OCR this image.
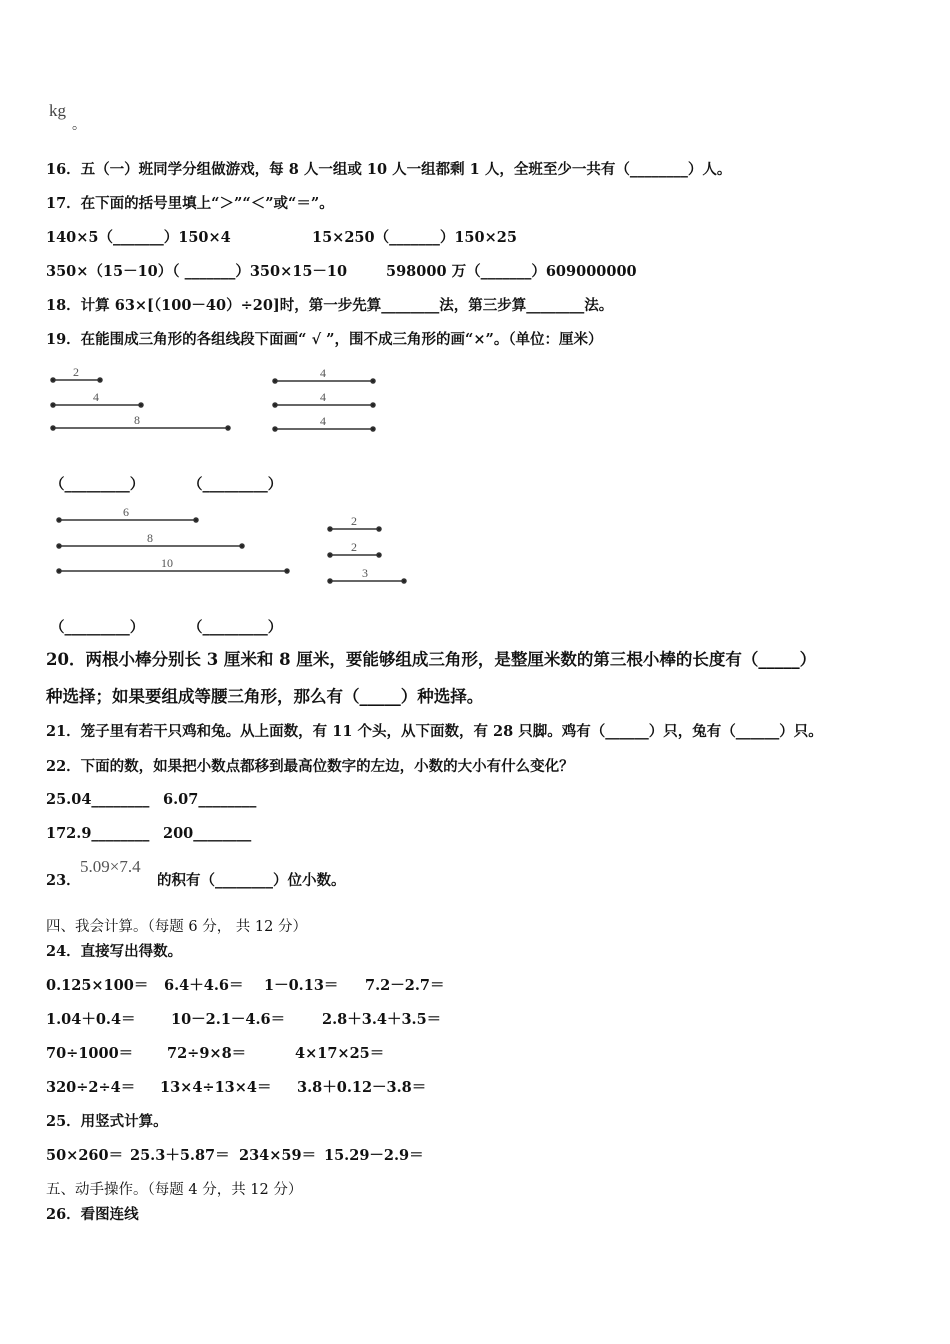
kg
。
16．五（一）班同学分组做游戏，每 8 人一组或 10 人一组都剩 1 人，全班至少一共有（________）人。
17．在下面的括号里填上“＞”“＜”或“＝”。
140×5（_______）150×4	15×250（_______）150×25
350×（15－10）（ _______）350×15－10	598000 万（_______）609000000
18．计算 63×[（100－40）÷20]时，第一步先算________法，第三步算________法。
19．在能围成三角形的各组线段下面画“ √ ”，围不成三角形的画“×”。（单位：厘米）
2
4
8
4
4
4
6
8
10
2
2
3
（_________）	（_________）
（_________）	（_________）
20．两根小棒分别长 3 厘米和 8 厘米，要能够组成三角形，是整厘米数的第三根小棒的长度有（_____）
种选择；如果要组成等腰三角形，那么有（_____）种选择。
21．笼子里有若干只鸡和兔。从上面数，有 11 个头，从下面数，有 28 只脚。鸡有（______）只，兔有（______）只。
22．下面的数，如果把小数点都移到最高位数字的左边，小数的大小有什么变化？
25.04________ 6.07________
172.9________ 200________
23．	的积有（________）位小数。
5.09×7.4
四、我会计算。（每题 6 分， 共 12 分）
24．直接写出得数。
0.125×100＝ 6.4＋4.6＝ 1－0.13＝ 7.2－2.7＝
1.04＋0.4＝ 10－2.1－4.6＝	2.8＋3.4＋3.5＝
70÷1000＝ 72÷9×8＝	4×17×25＝
320÷2÷4＝ 13×4÷13×4＝ 3.8＋0.12－3.8＝
25．用竖式计算。
50×260＝ 25.3＋5.87＝ 234×59＝ 15.29－2.9＝
五、动手操作。（每题 4 分，共 12 分）
26．看图连线
